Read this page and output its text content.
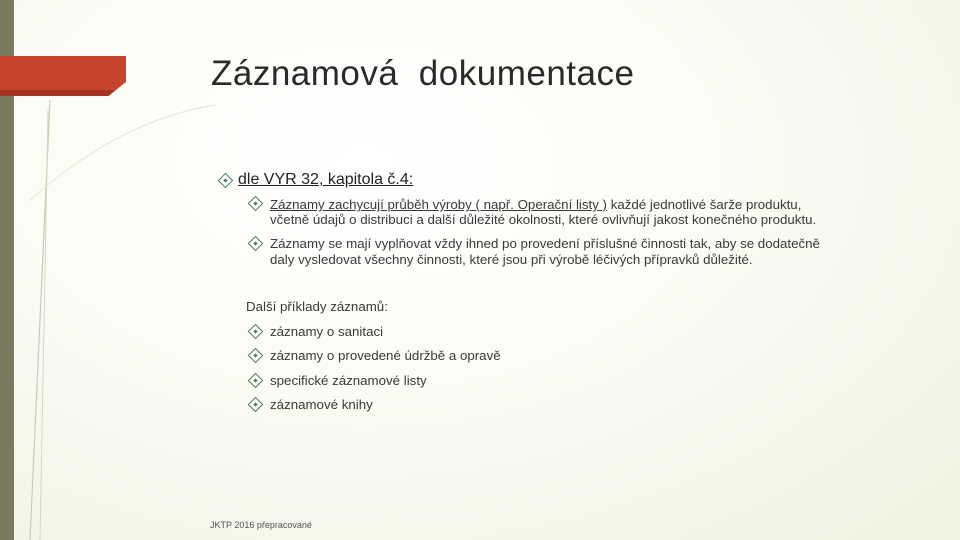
Záznamová  dokumentace
dle VYR 32, kapitola č.4:
Záznamy zachycují průběh výroby ( např. Operační listy ) každé jednotlivé šarže produktu,
včetně údajů o distribuci a další důležité okolnosti, které ovlivňují jakost konečného produktu.
Záznamy se mají vyplňovat vždy ihned po provedení příslušné činnosti tak, aby se dodatečně
daly vysledovat všechny činnosti, které jsou při výrobě léčivých přípravků důležité.
Další příklady záznamů:
záznamy o sanitaci
záznamy o provedené údržbě a opravě
specifické záznamové listy
záznamové knihy
JKTP 2016 přepracované
